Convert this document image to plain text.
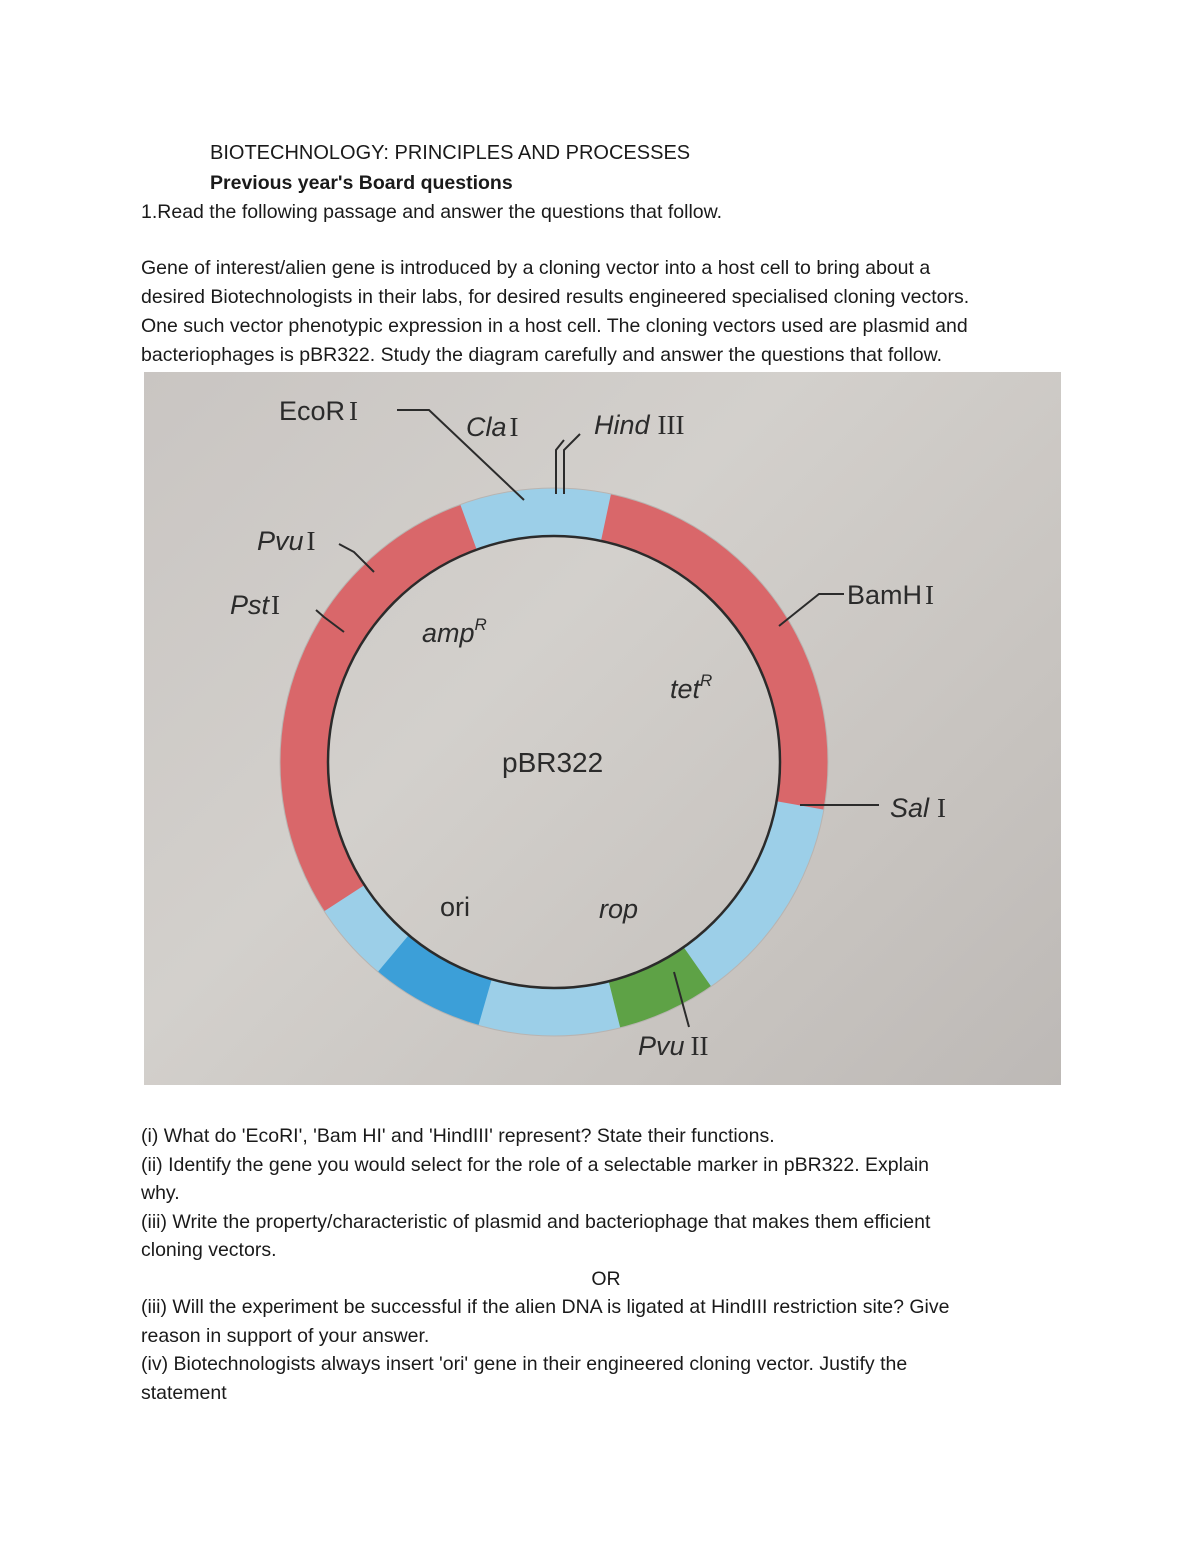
BIOTECHNOLOGY: PRINCIPLES AND PROCESSES
Previous year's Board questions
1.Read the following passage and answer the questions that follow.
Gene of interest/alien gene is introduced by a cloning vector into a host cell to bring about a
desired Biotechnologists in their labs, for desired results engineered specialised cloning vectors.
One such vector phenotypic expression in a host cell. The cloning vectors used are plasmid and
bacteriophages is pBR322. Study the diagram carefully and answer the questions that follow.
EcoR I
Cla I	Hind III
Pvu I
PstI	BamH I
Sal I
Pvu II
amp$^R$
tet$^R$
pBR322
ori	rop
(i) What do 'EcoRI', 'Bam HI' and 'HindIII' represent? State their functions.
(ii) Identify the gene you would select for the role of a selectable marker in pBR322. Explain
why.
(iii) Write the property/characteristic of plasmid and bacteriophage that makes them efficient
cloning vectors.
OR
(iii) Will the experiment be successful if the alien DNA is ligated at HindIII restriction site? Give
reason in support of your answer.
(iv) Biotechnologists always insert 'ori' gene in their engineered cloning vector. Justify the
statement
